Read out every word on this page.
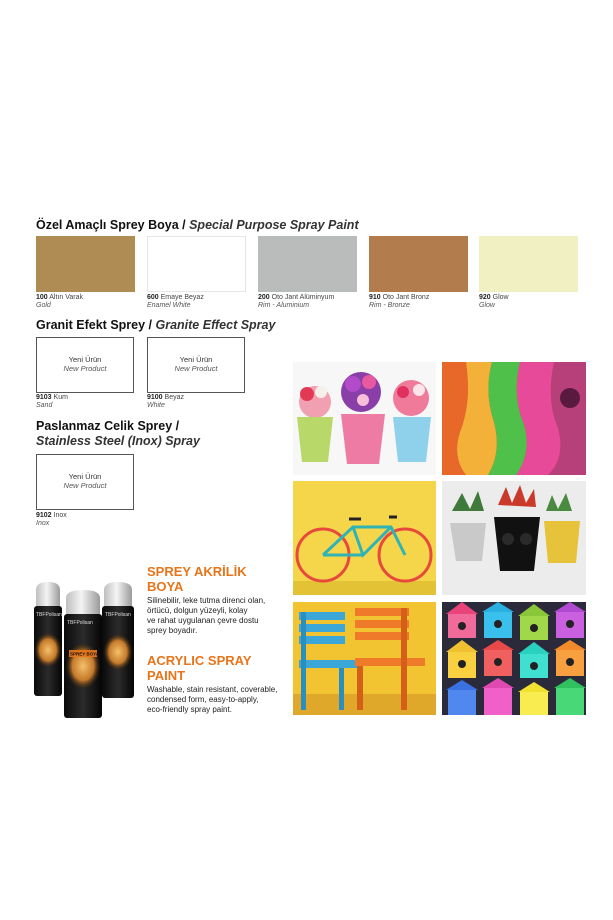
Özel Amaçlı Sprey Boya / Special Purpose Spray Paint
100 Altın Varak
Gold
600 Emaye Beyaz
Enamel White
200 Oto Jant Alüminyum
Rim - Aluminium
910 Oto Jant Bronz
Rim - Bronze
920 Glow
Glow
Granit Efekt Sprey / Granite Effect Spray
Yeni Ürün
New Product
9103 Kum
Sand
Yeni Ürün
New Product
9100 Beyaz
White
Paslanmaz Celik Sprey /
Stainless Steel (Inox) Spray
Yeni Ürün
New Product
9102 Inox
Inox
TBFPolisan
TBFPolisan
SPREY BOYA
TBFPolisan
SPREY AKRİLİK
BOYA
Silinebilir, leke tutma direnci olan,
örtücü, dolgun yüzeyli, kolay
ve rahat uygulanan çevre dostu
sprey boyadır.
ACRYLIC SPRAY
PAINT
Washable, stain resistant, coverable,
condensed form, easy-to-apply,
eco-friendly spray paint.
